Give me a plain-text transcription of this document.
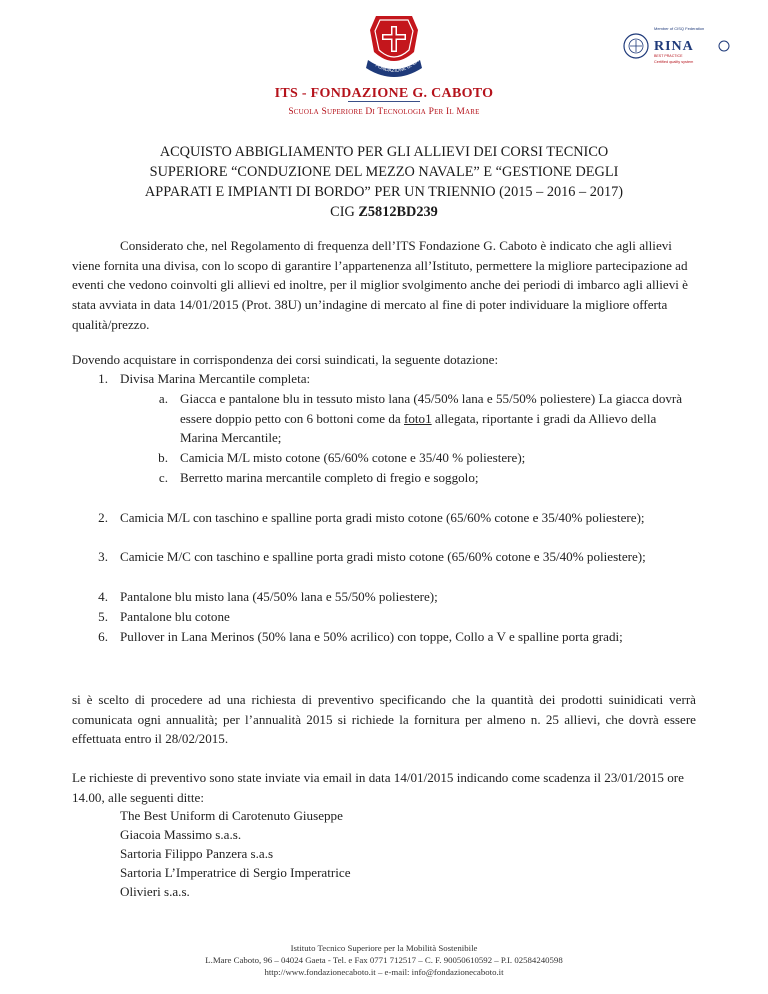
FONDAZIONE G. CA
Member of CISQ Federation
RINA
BEST PRACTICE
Certified quality system
ITS - FONDAZIONE G. CABOTO
Scuola Superiore Di Tecnologia Per Il Mare
ACQUISTO ABBIGLIAMENTO PER GLI ALLIEVI DEI CORSI TECNICO
SUPERIORE “CONDUZIONE DEL MEZZO NAVALE” E “GESTIONE DEGLI
APPARATI E IMPIANTI DI BORDO” PER UN TRIENNIO (2015 – 2016 – 2017)
CIG Z5812BD239
Considerato che, nel Regolamento di frequenza dell’ITS Fondazione G. Caboto è indicato che agli allievi viene fornita una divisa, con lo scopo di garantire l’appartenenza all’Istituto, permettere la migliore partecipazione ad eventi che vedono coinvolti gli allievi ed inoltre, per il miglior svolgimento anche dei periodi di imbarco agli allievi è stata avviata in data 14/01/2015 (Prot. 38U) un’indagine di mercato al fine di poter individuare la migliore offerta qualità/prezzo.
Dovendo acquistare in corrispondenza dei corsi suindicati, la seguente dotazione:
1. Divisa Marina Mercantile completa:
a. Giacca e pantalone blu in tessuto misto lana (45/50% lana e 55/50% poliestere) La giacca dovrà essere doppio petto con 6 bottoni come da foto1 allegata, riportante i gradi da Allievo della Marina Mercantile;
b. Camicia M/L misto cotone (65/60% cotone e 35/40 % poliestere);
c. Berretto marina mercantile completo di fregio e soggolo;
2. Camicia M/L con taschino e spalline porta gradi misto cotone (65/60% cotone e 35/40% poliestere);
3. Camicie M/C con taschino e spalline porta gradi misto cotone (65/60% cotone e 35/40% poliestere);
4. Pantalone blu misto lana (45/50% lana e 55/50% poliestere);
5. Pantalone blu cotone
6. Pullover in Lana Merinos (50% lana e 50% acrilico) con toppe, Collo a V e spalline porta gradi;
si è scelto di procedere ad una richiesta di preventivo specificando che la quantità dei prodotti suinidicati verrà comunicata ogni annualità; per l’annualità 2015 si richiede la fornitura per almeno n. 25 allievi, che dovrà essere effettuata entro il 28/02/2015.
Le richieste di preventivo sono state inviate via email in data 14/01/2015 indicando come scadenza il 23/01/2015 ore 14.00, alle seguenti ditte:
The Best Uniform di Carotenuto Giuseppe
Giacoia Massimo s.a.s.
Sartoria Filippo Panzera s.a.s
Sartoria L’Imperatrice di Sergio Imperatrice
Olivieri s.a.s.
Istituto Tecnico Superiore per la Mobilità Sostenibile
L.Mare Caboto, 96 – 04024 Gaeta - Tel. e Fax 0771 712517 – C. F. 90050610592 – P.I. 02584240598
http://www.fondazionecaboto.it – e-mail: info@fondazionecaboto.it
